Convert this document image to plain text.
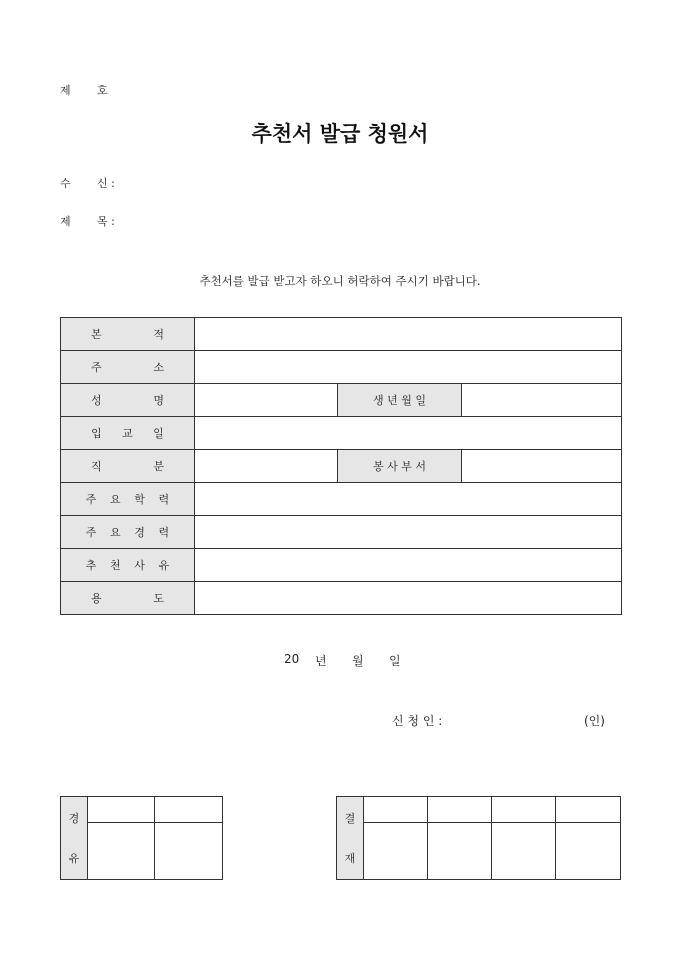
제 호
추천서 발급 청원서
수 신 :
제 목 :
추천서를 발급 받고자 하오니 허락하여 주시기 바랍니다.
본 적			

주 소			

성 명		생 년 월 일	

입 교 일			

직 분		봉 사 부 서	

주 요 학 력			

주 요 경 력			

추 천 사 유			

용 도			

20 년 월 일
신 청 인 :	(인)
경
유		

결
재				
